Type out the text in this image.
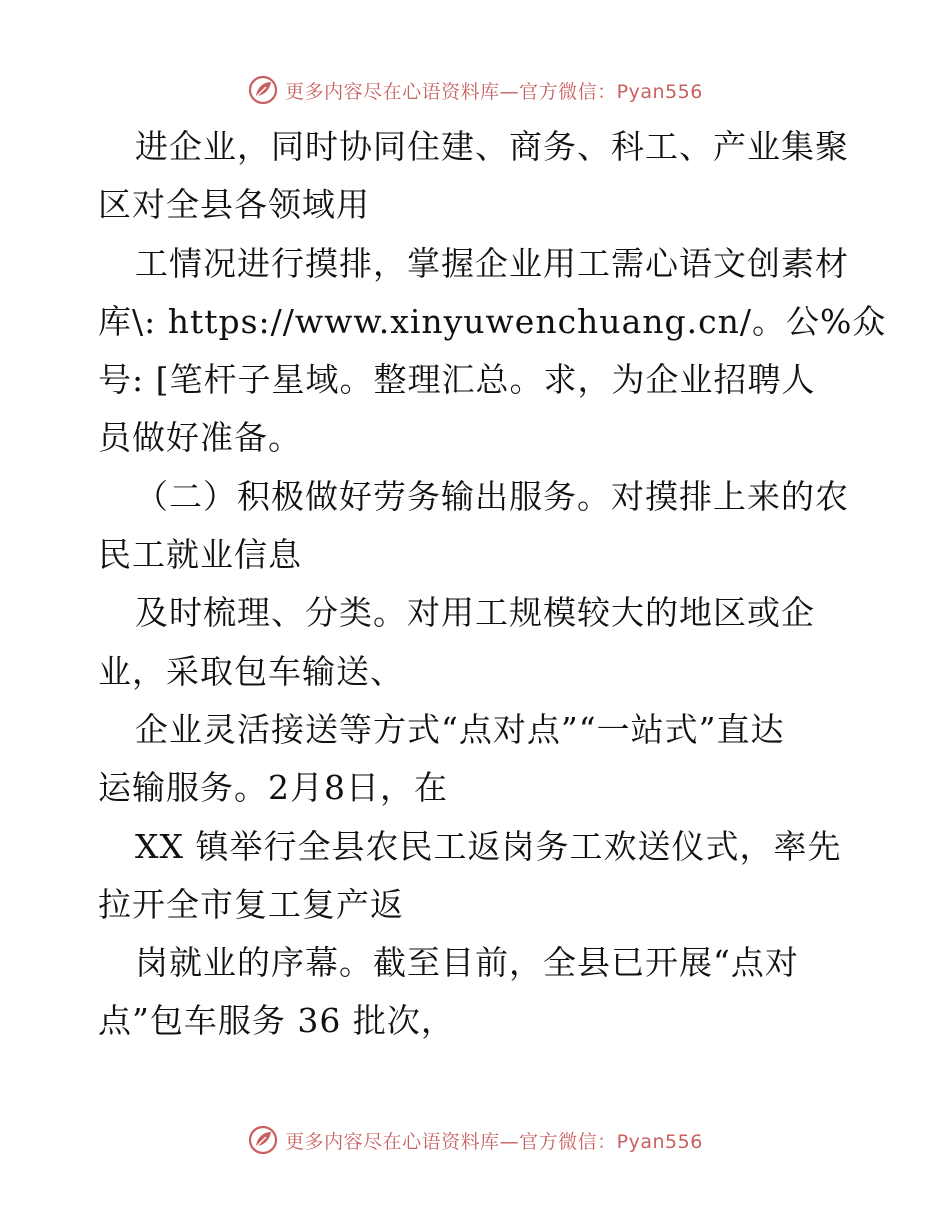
更多内容尽在心语资料库—官方微信：Pyan556
进企业，同时协同住建、商务、科工、产业集聚
区对全县各领域用
工情况进行摸排，掌握企业用工需心语文创素材
库\: https://www.xinyuwenchuang.cn/。公%众
号: [笔杆子星域。整理汇总。求，为企业招聘人
员做好准备。
（二）积极做好劳务输出服务。对摸排上来的农
民工就业信息
及时梳理、分类。对用工规模较大的地区或企
业，采取包车输送、
企业灵活接送等方式“点对点”“一站式”直达
运输服务。2月8日，在
XX 镇举行全县农民工返岗务工欢送仪式，率先
拉开全市复工复产返
岗就业的序幕。截至目前，全县已开展“点对
点”包车服务 36 批次，
更多内容尽在心语资料库—官方微信：Pyan556
